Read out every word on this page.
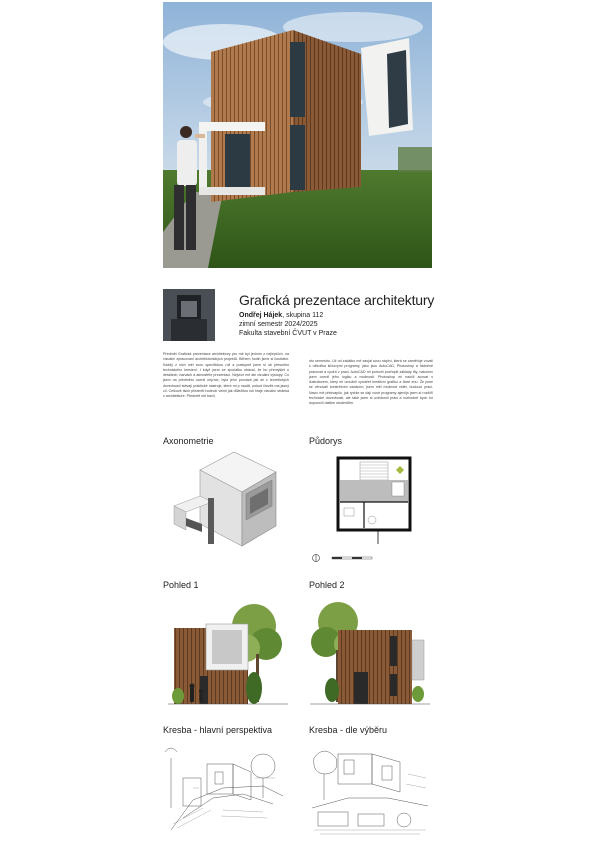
Grafická prezentace architektury
Ondřej Hájek, skupina 112
zimní semestr 2024/2025
Fakulta stavební ČVUT v Praze
Předmět Grafická prezentace architektury pro mě byl jedním z nejlepších, na vizuální zpracování architektonických projektů. Během hodin jsme si ilustrátor. Každý z nich měl svou specifickou roli a postupně jsem si ob přesného technického kreslení. I když jsem se zpočátku obával, že bu přemýšlet o detailech, barvách a atmosféře prezentací. Nejvíce mě ale vizuální výstupy. Co jsem na předmětu ocenil nejvíce, byla jeho provázá jak se z teoretických dovedností stávají praktické nástroje, které mi p naučil, pokud člověk má jasný cíl. Celkově tisch předmět hodnotí velmi jak důležitou roli hraje vizuální stránka v architektuře. Předmět mě bavil,
nto semestru. Už od začátku mě zaujal svou náplní, která se zaměřuje vovali s několika klíčovými programy, jako jsou AutoCAD, Photoshop a řádněně pracovat a využít v praxi. AutoCAD mi pomohl pochopit základy tity, nakonec jsem ocenil jeho logiku a možnosti. Photoshop mi naučil acovat s ilustrátorem, který mi umožnil vytvářet kreativní grafiku a čisté enu. Že jsme se věnovali konkrétním zadáním, jsem měl možnost vidět, budoucí praci. Navíc mě překvapilo, jak rychle se dají nové programy ajenčjs jsem si rozšířil technické dovednosti, ale také jsem si uvědomil práci a rozhodně bych ho doporučil dalším studentům.
Axonometrie	Půdorys
Pohled 1	Pohled 2
Kresba - hlavní perspektiva	Kresba - dle výběru
